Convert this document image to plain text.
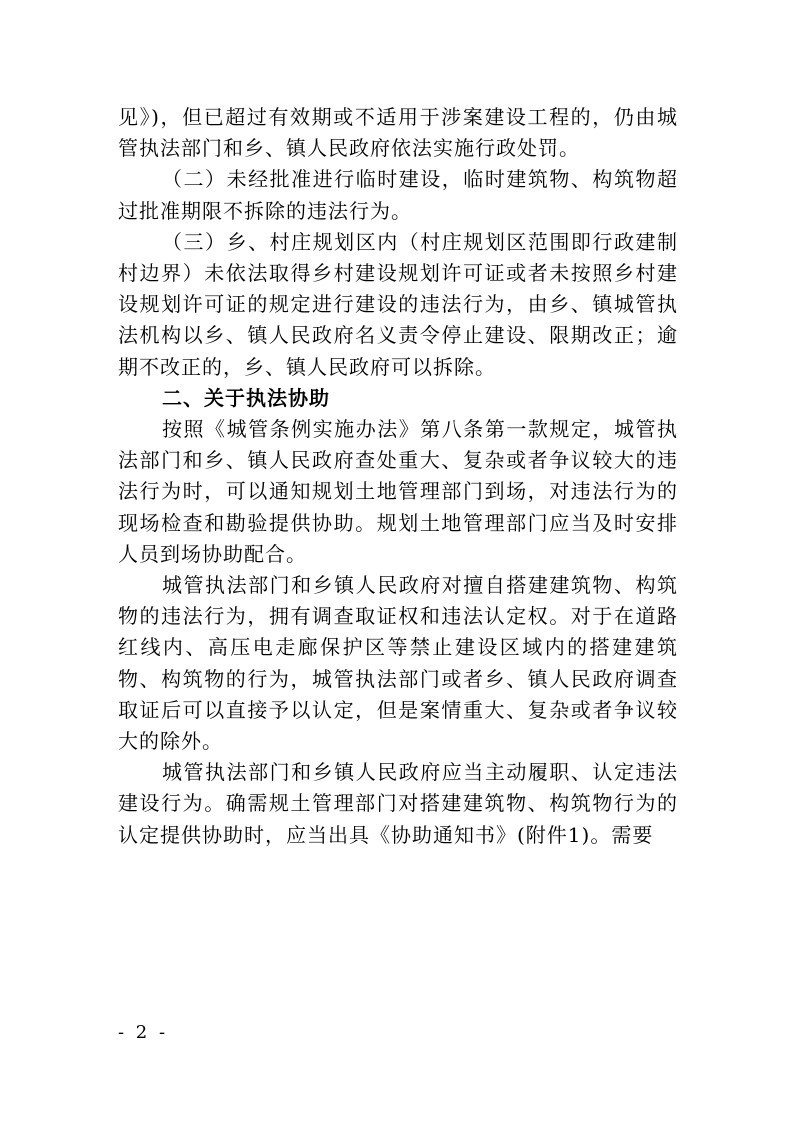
见》)，但已超过有效期或不适用于涉案建设工程的，仍由城管执法部门和乡、镇人民政府依法实施行政处罚。

（二）未经批准进行临时建设，临时建筑物、构筑物超过批准期限不拆除的违法行为。

（三）乡、村庄规划区内（村庄规划区范围即行政建制村边界）未依法取得乡村建设规划许可证或者未按照乡村建设规划许可证的规定进行建设的违法行为，由乡、镇城管执法机构以乡、镇人民政府名义责令停止建设、限期改正；逾期不改正的，乡、镇人民政府可以拆除。

二、关于执法协助

按照《城管条例实施办法》第八条第一款规定，城管执法部门和乡、镇人民政府查处重大、复杂或者争议较大的违法行为时，可以通知规划土地管理部门到场，对违法行为的现场检查和勘验提供协助。规划土地管理部门应当及时安排人员到场协助配合。

城管执法部门和乡镇人民政府对擅自搭建建筑物、构筑物的违法行为，拥有调查取证权和违法认定权。对于在道路红线内、高压电走廊保护区等禁止建设区域内的搭建建筑物、构筑物的行为，城管执法部门或者乡、镇人民政府调查取证后可以直接予以认定，但是案情重大、复杂或者争议较大的除外。

城管执法部门和乡镇人民政府应当主动履职、认定违法建设行为。确需规土管理部门对搭建建筑物、构筑物行为的认定提供协助时，应当出具《协助通知书》(附件1)。需要

- 2 -
